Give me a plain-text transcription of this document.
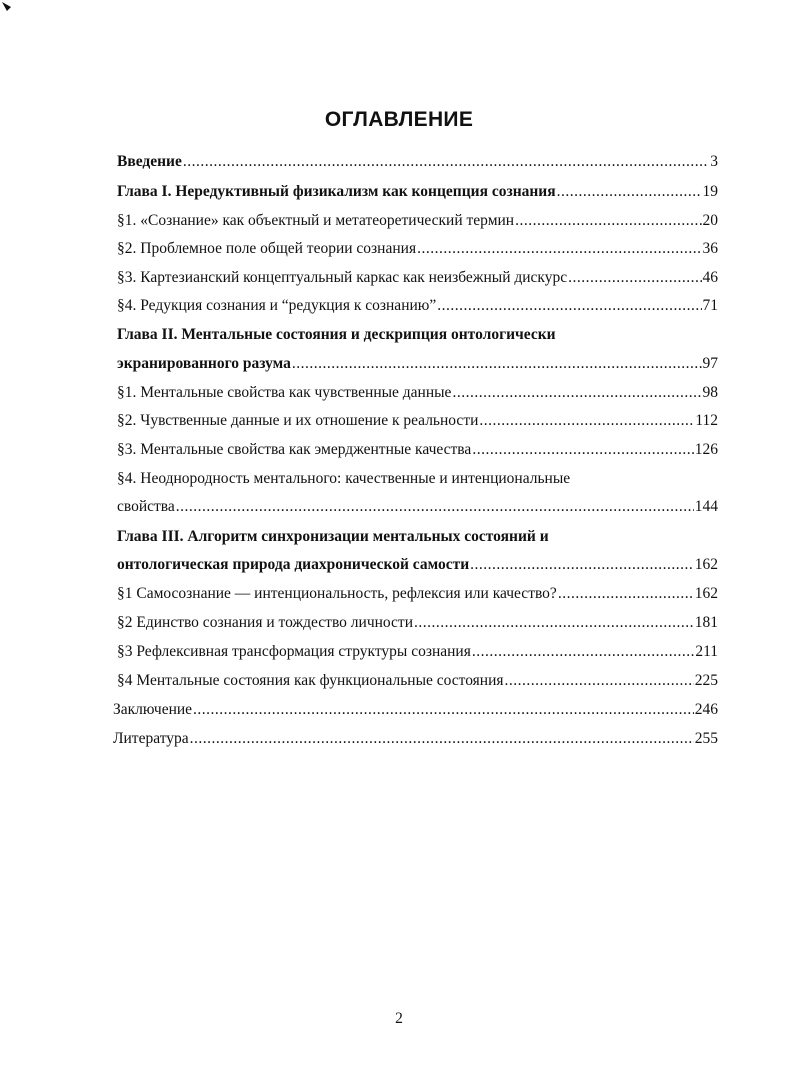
ОГЛАВЛЕНИЕ
Введение .....	3
Глава I. Нередуктивный физикализм как концепция сознания .....	19
§1. «Сознание» как объектный и метатеоретический термин .....	20
§2. Проблемное поле общей теории сознания .....	36
§3. Картезианский концептуальный каркас как неизбежный дискурс .....	46
§4. Редукция сознания и “редукция к сознанию” .....	71
Глава II. Ментальные состояния и дескрипция онтологически
экранированного разума .....	97
§1. Ментальные свойства как чувственные данные .....	98
§2. Чувственные данные и их отношение к реальности .....	112
§3. Ментальные свойства как эмерджентные качества .....	126
§4. Неоднородность ментального: качественные и интенциональные
свойства .....	144
Глава III. Алгоритм синхронизации ментальных состояний и
онтологическая природа диахронической самости .....	162
§1 Самосознание — интенциональность, рефлексия или качество? .....	162
§2 Единство сознания и тождество личности .....	181
§3 Рефлексивная трансформация структуры сознания .....	211
§4 Ментальные состояния как функциональные состояния .....	225
Заключение .....	246
Литература .....	255
2
